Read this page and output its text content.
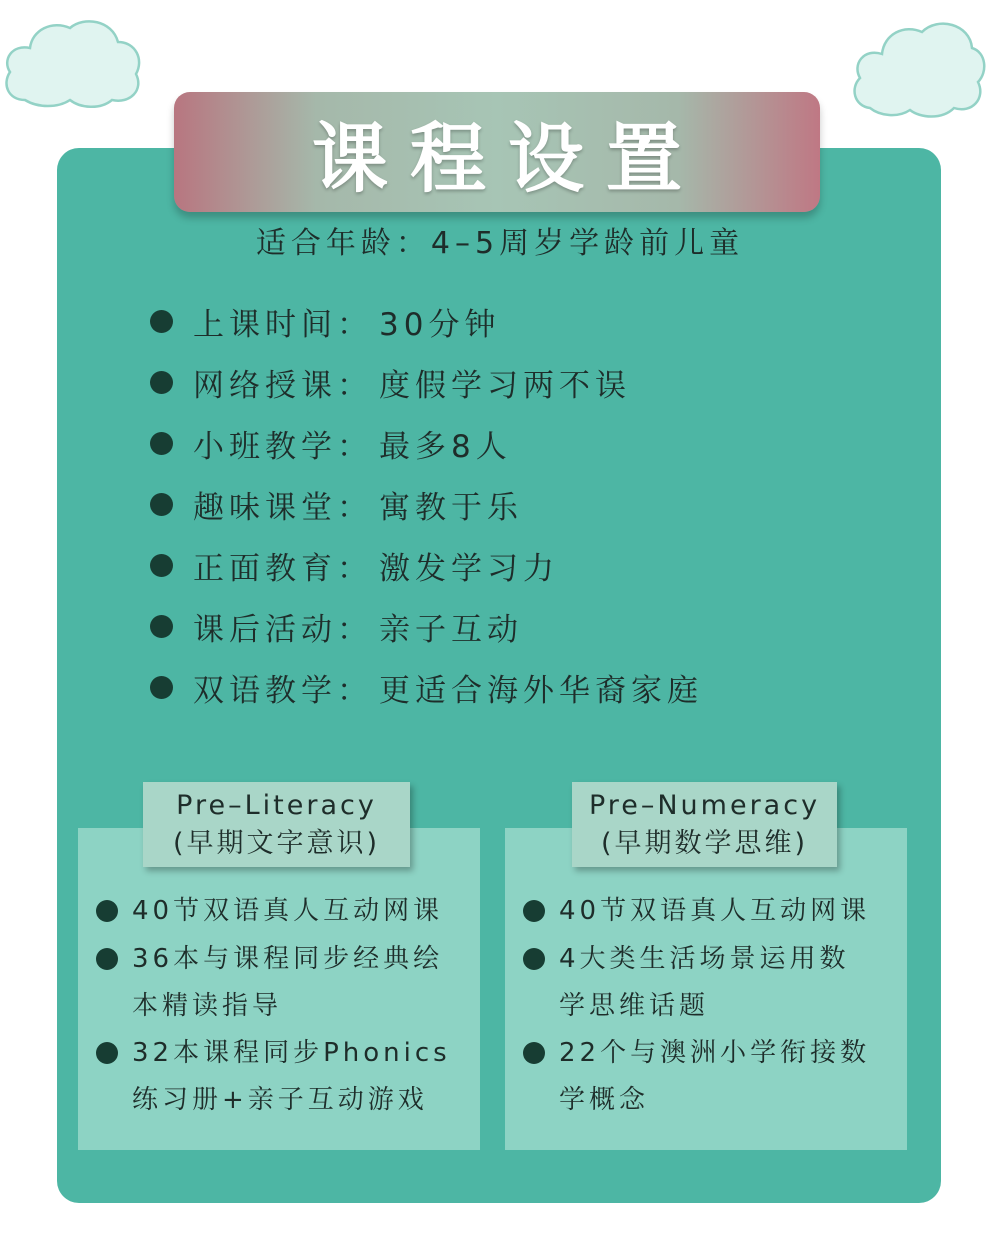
课程设置
适合年龄：4–5周岁学龄前儿童
上课时间： 30分钟
网络授课： 度假学习两不误
小班教学： 最多8人
趣味课堂： 寓教于乐
正面教育： 激发学习力
课后活动： 亲子互动
双语教学： 更适合海外华裔家庭
Pre–Literacy
(早期文字意识)
Pre–Numeracy
(早期数学思维)
40节双语真人互动网课
36本与课程同步经典绘
本精读指导
32本课程同步Phonics
练习册+亲子互动游戏
40节双语真人互动网课
4大类生活场景运用数
学思维话题
22个与澳洲小学衔接数
学概念
